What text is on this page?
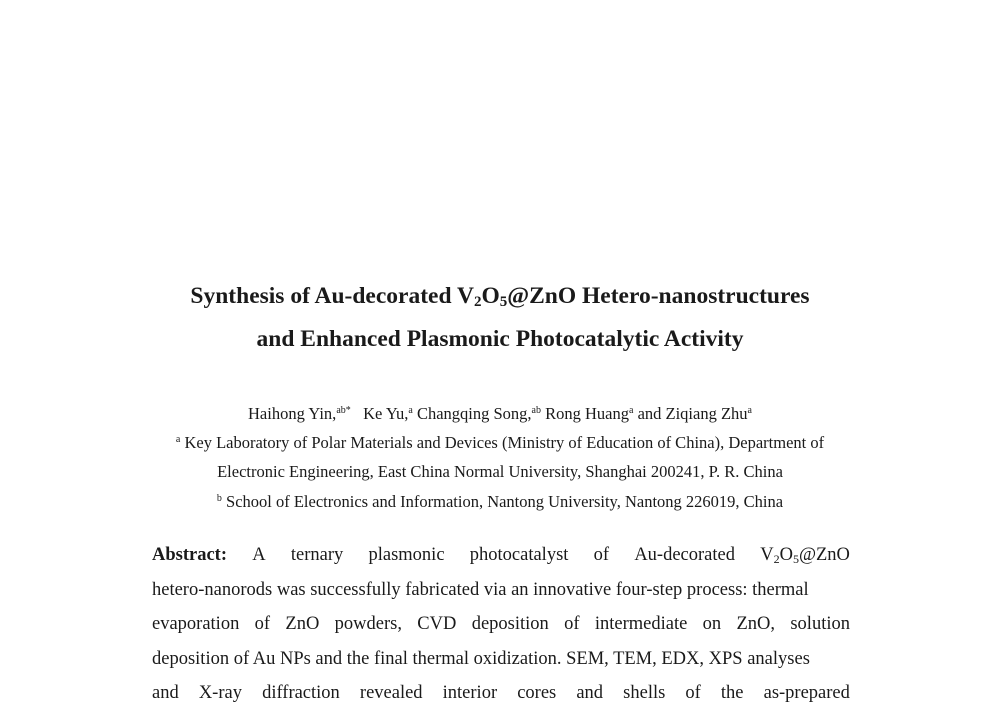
Synthesis of Au-decorated $V_2O_5@ZnO$ Hetero-nanostructures
and Enhanced Plasmonic Photocatalytic Activity
Haihong Yin,$^{ab*}$ Ke Yu,$^a$ Changqing Song,$^{ab}$ Rong Huang$^a$ and Ziqiang Zhu$^a$
$^a$ Key Laboratory of Polar Materials and Devices (Ministry of Education of China), Department of
Electronic Engineering, East China Normal University, Shanghai 200241, P. R. China
$^b$ School of Electronics and Information, Nantong University, Nantong 226019, China
Abstract: A ternary plasmonic photocatalyst of Au-decorated $V_2O_5@ZnO$
hetero-nanorods was successfully fabricated via an innovative four-step process: thermal
evaporation of ZnO powders, CVD deposition of intermediate on ZnO, solution
deposition of Au NPs and the final thermal oxidization. SEM, TEM, EDX, XPS analyses
and X-ray diffraction revealed interior cores and shells of the as-prepared
